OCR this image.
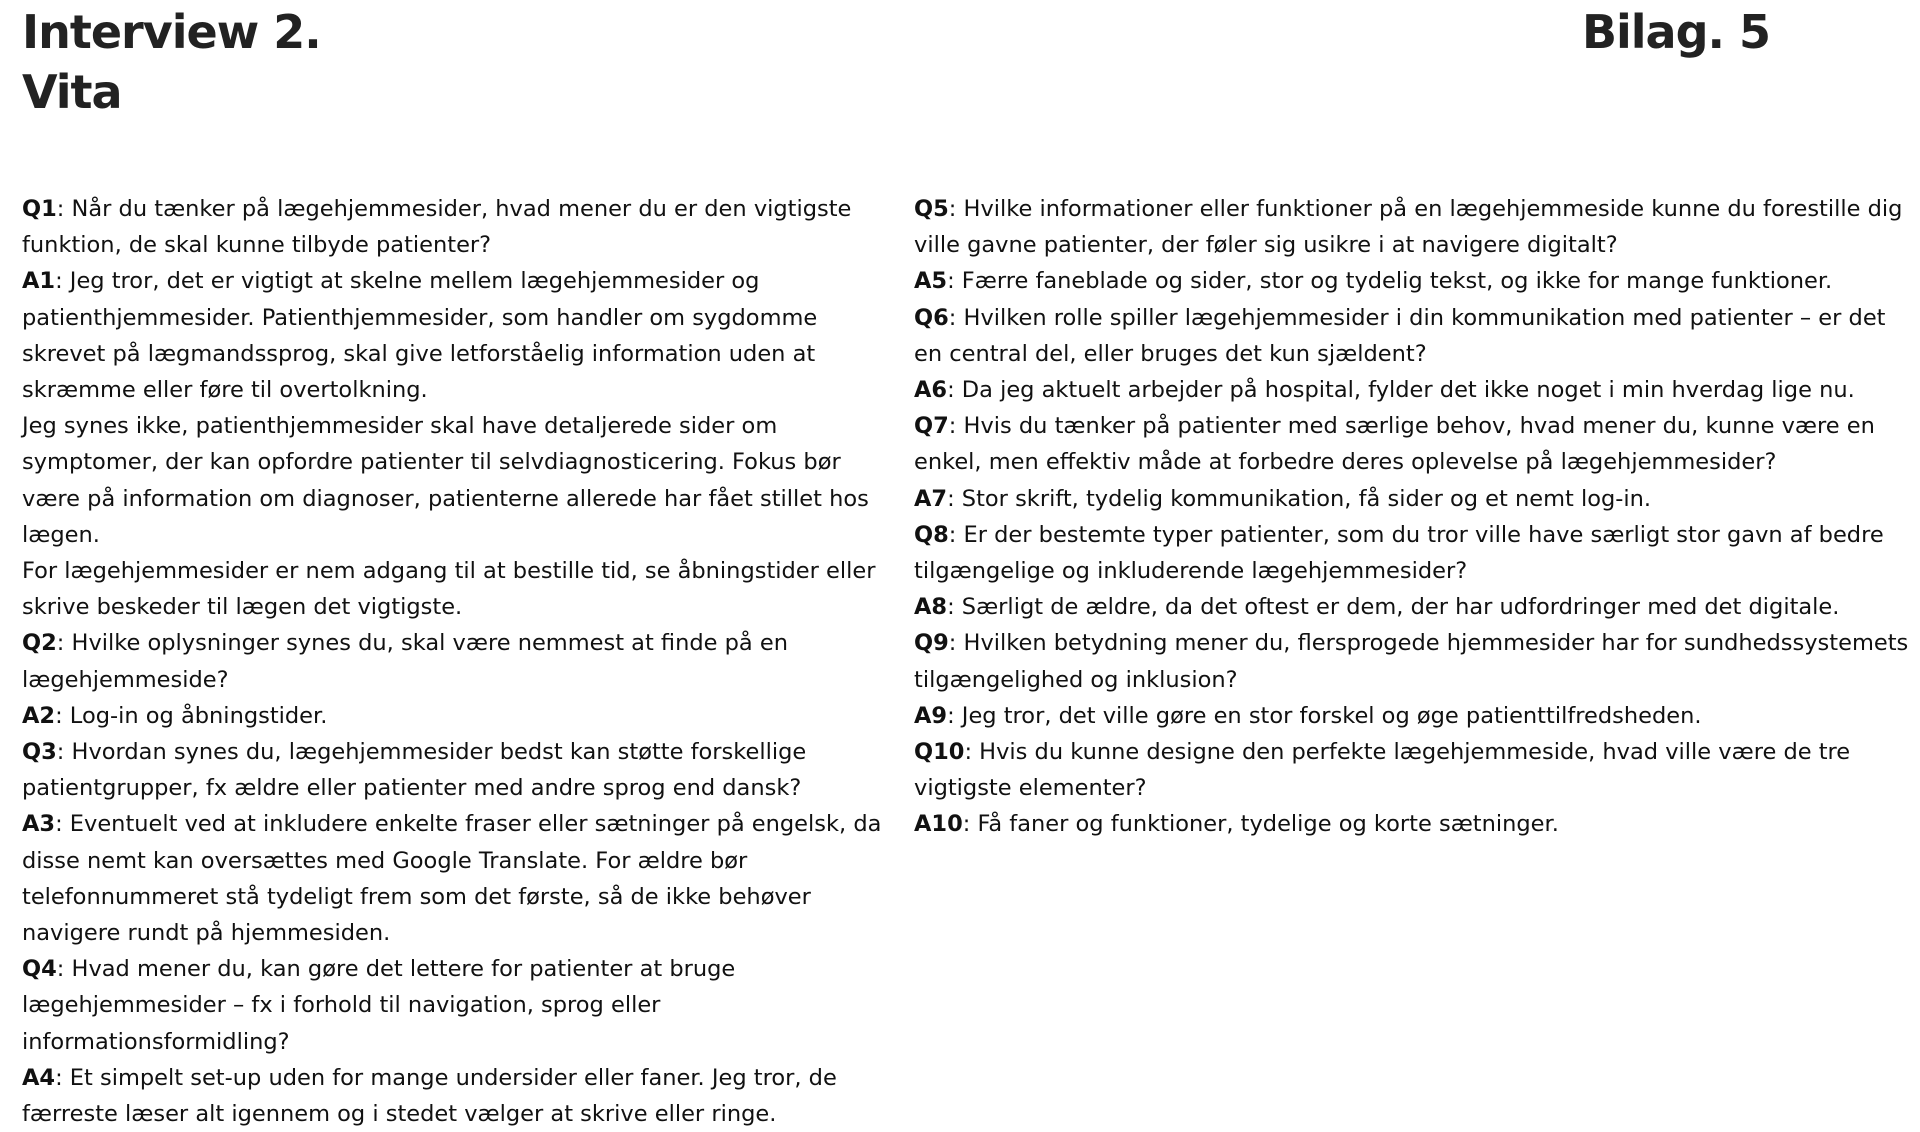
Interview 2.
Vita
Bilag. 5

Q1: Når du tænker på lægehjemmesider, hvad mener du er den vigtigste funktion, de skal kunne tilbyde patienter?

A1: Jeg tror, det er vigtigt at skelne mellem lægehjemmesider og patienthjemmesider. Patienthjemmesider, som handler om sygdomme skrevet på lægmandssprog, skal give letforståelig information uden at skræmme eller føre til overtolkning.

Jeg synes ikke, patienthjemmesider skal have detaljerede sider om symptomer, der kan opfordre patienter til selvdiagnosticering. Fokus bør være på information om diagnoser, patienterne allerede har fået stillet hos lægen.

For lægehjemmesider er nem adgang til at bestille tid, se åbningstider eller skrive beskeder til lægen det vigtigste.

Q2: Hvilke oplysninger synes du, skal være nemmest at finde på en lægehjemmeside?

A2: Log-in og åbningstider.

Q3: Hvordan synes du, lægehjemmesider bedst kan støtte forskellige patientgrupper, fx ældre eller patienter med andre sprog end dansk?

A3: Eventuelt ved at inkludere enkelte fraser eller sætninger på engelsk, da disse nemt kan oversættes med Google Translate. For ældre bør telefonnummeret stå tydeligt frem som det første, så de ikke behøver navigere rundt på hjemmesiden.

Q4: Hvad mener du, kan gøre det lettere for patienter at bruge lægehjemmesider – fx i forhold til navigation, sprog eller informationsformidling?

A4: Et simpelt set-up uden for mange undersider eller faner. Jeg tror, de færreste læser alt igennem og i stedet vælger at skrive eller ringe.

Q5: Hvilke informationer eller funktioner på en lægehjemmeside kunne du forestille dig ville gavne patienter, der føler sig usikre i at navigere digitalt?

A5: Færre faneblade og sider, stor og tydelig tekst, og ikke for mange funktioner.

Q6: Hvilken rolle spiller lægehjemmesider i din kommunikation med patienter – er det en central del, eller bruges det kun sjældent?

A6: Da jeg aktuelt arbejder på hospital, fylder det ikke noget i min hverdag lige nu.

Q7: Hvis du tænker på patienter med særlige behov, hvad mener du, kunne være en enkel, men effektiv måde at forbedre deres oplevelse på lægehjemmesider?

A7: Stor skrift, tydelig kommunikation, få sider og et nemt log-in.

Q8: Er der bestemte typer patienter, som du tror ville have særligt stor gavn af bedre tilgængelige og inkluderende lægehjemmesider?

A8: Særligt de ældre, da det oftest er dem, der har udfordringer med det digitale.

Q9: Hvilken betydning mener du, flersprogede hjemmesider har for sundhedssystemets tilgængelighed og inklusion?

A9: Jeg tror, det ville gøre en stor forskel og øge patienttilfredsheden.

Q10: Hvis du kunne designe den perfekte lægehjemmeside, hvad ville være de tre vigtigste elementer?

A10: Få faner og funktioner, tydelige og korte sætninger.
